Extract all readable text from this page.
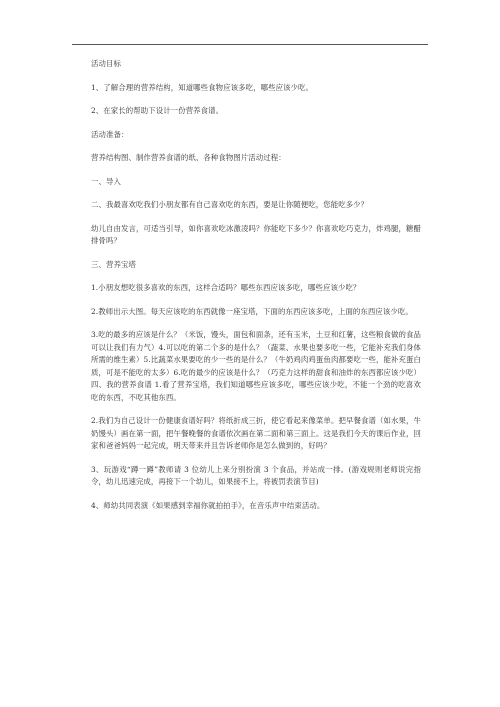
活动目标

1、了解合理的营养结构，知道哪些食物应该多吃，哪些应该少吃。

2、在家长的帮助下设计一份营养食谱。

活动准备：

营养结构图、制作营养食谱的纸、各种食物图片活动过程：

一、导入

二、我最喜欢吃我们小朋友都有自己喜欢吃的东西，要是让你随便吃，您能吃多少？

幼儿自由发言，可适当引导，如你喜欢吃冰激凌吗？你能吃下多少？你喜欢吃巧克力，炸鸡腿，糖醋排骨吗？

三、营养宝塔

1.小朋友想吃很多喜欢的东西，这样合适吗？哪些东西应该多吃，哪些应该少吃？

2.教师出示大图。每天应该吃的东西就像一座宝塔，下面的东西应该多吃，上面的东西应该少吃。

3.吃的最多的应该是什么？（米饭，馒头，面包和面条，还有玉米，土豆和红薯，这些粮食做的食品可以让我们有力气）4.可以吃的第二个多的是什么？（蔬菜、水果也要多吃一些，它能补充我们身体所需的维生素）5.比蔬菜水果要吃的少一些的是什么？（牛奶鸡肉鸡蛋鱼肉都要吃一些，能补充蛋白质，可是不能吃的太多）6.吃的最少的应该是什么？（巧克力这样的甜食和油炸的东西都应该少吃）四、我的营养食谱 1.看了营养宝塔，我们知道哪些应该多吃，哪些应该少吃，不能一个劲的吃喜欢吃的东西，不吃其他东西。

2.我们为自己设计一份健康食谱好吗？将纸折成三折，使它看起来像菜单。把早餐食谱（如水果，牛奶馒头）画在第一面，把午餐晚餐的食谱依次画在第二面和第三面上。这是我们今天的课后作业，回家和爸爸妈妈一起完成，明天带来并且告诉老师你是怎么做到的，好吗？

3、玩游戏“蹲一蹲”教师请 3 位幼儿上来分别扮演 3 个食品，并站成一排。(游戏规则老师说完指令，幼儿迅速完成，再接下一个幼儿，如果接不上，将被罚表演节目)

4、师幼共同表演《如果感到幸福你就拍拍手》，在音乐声中结束活动。
